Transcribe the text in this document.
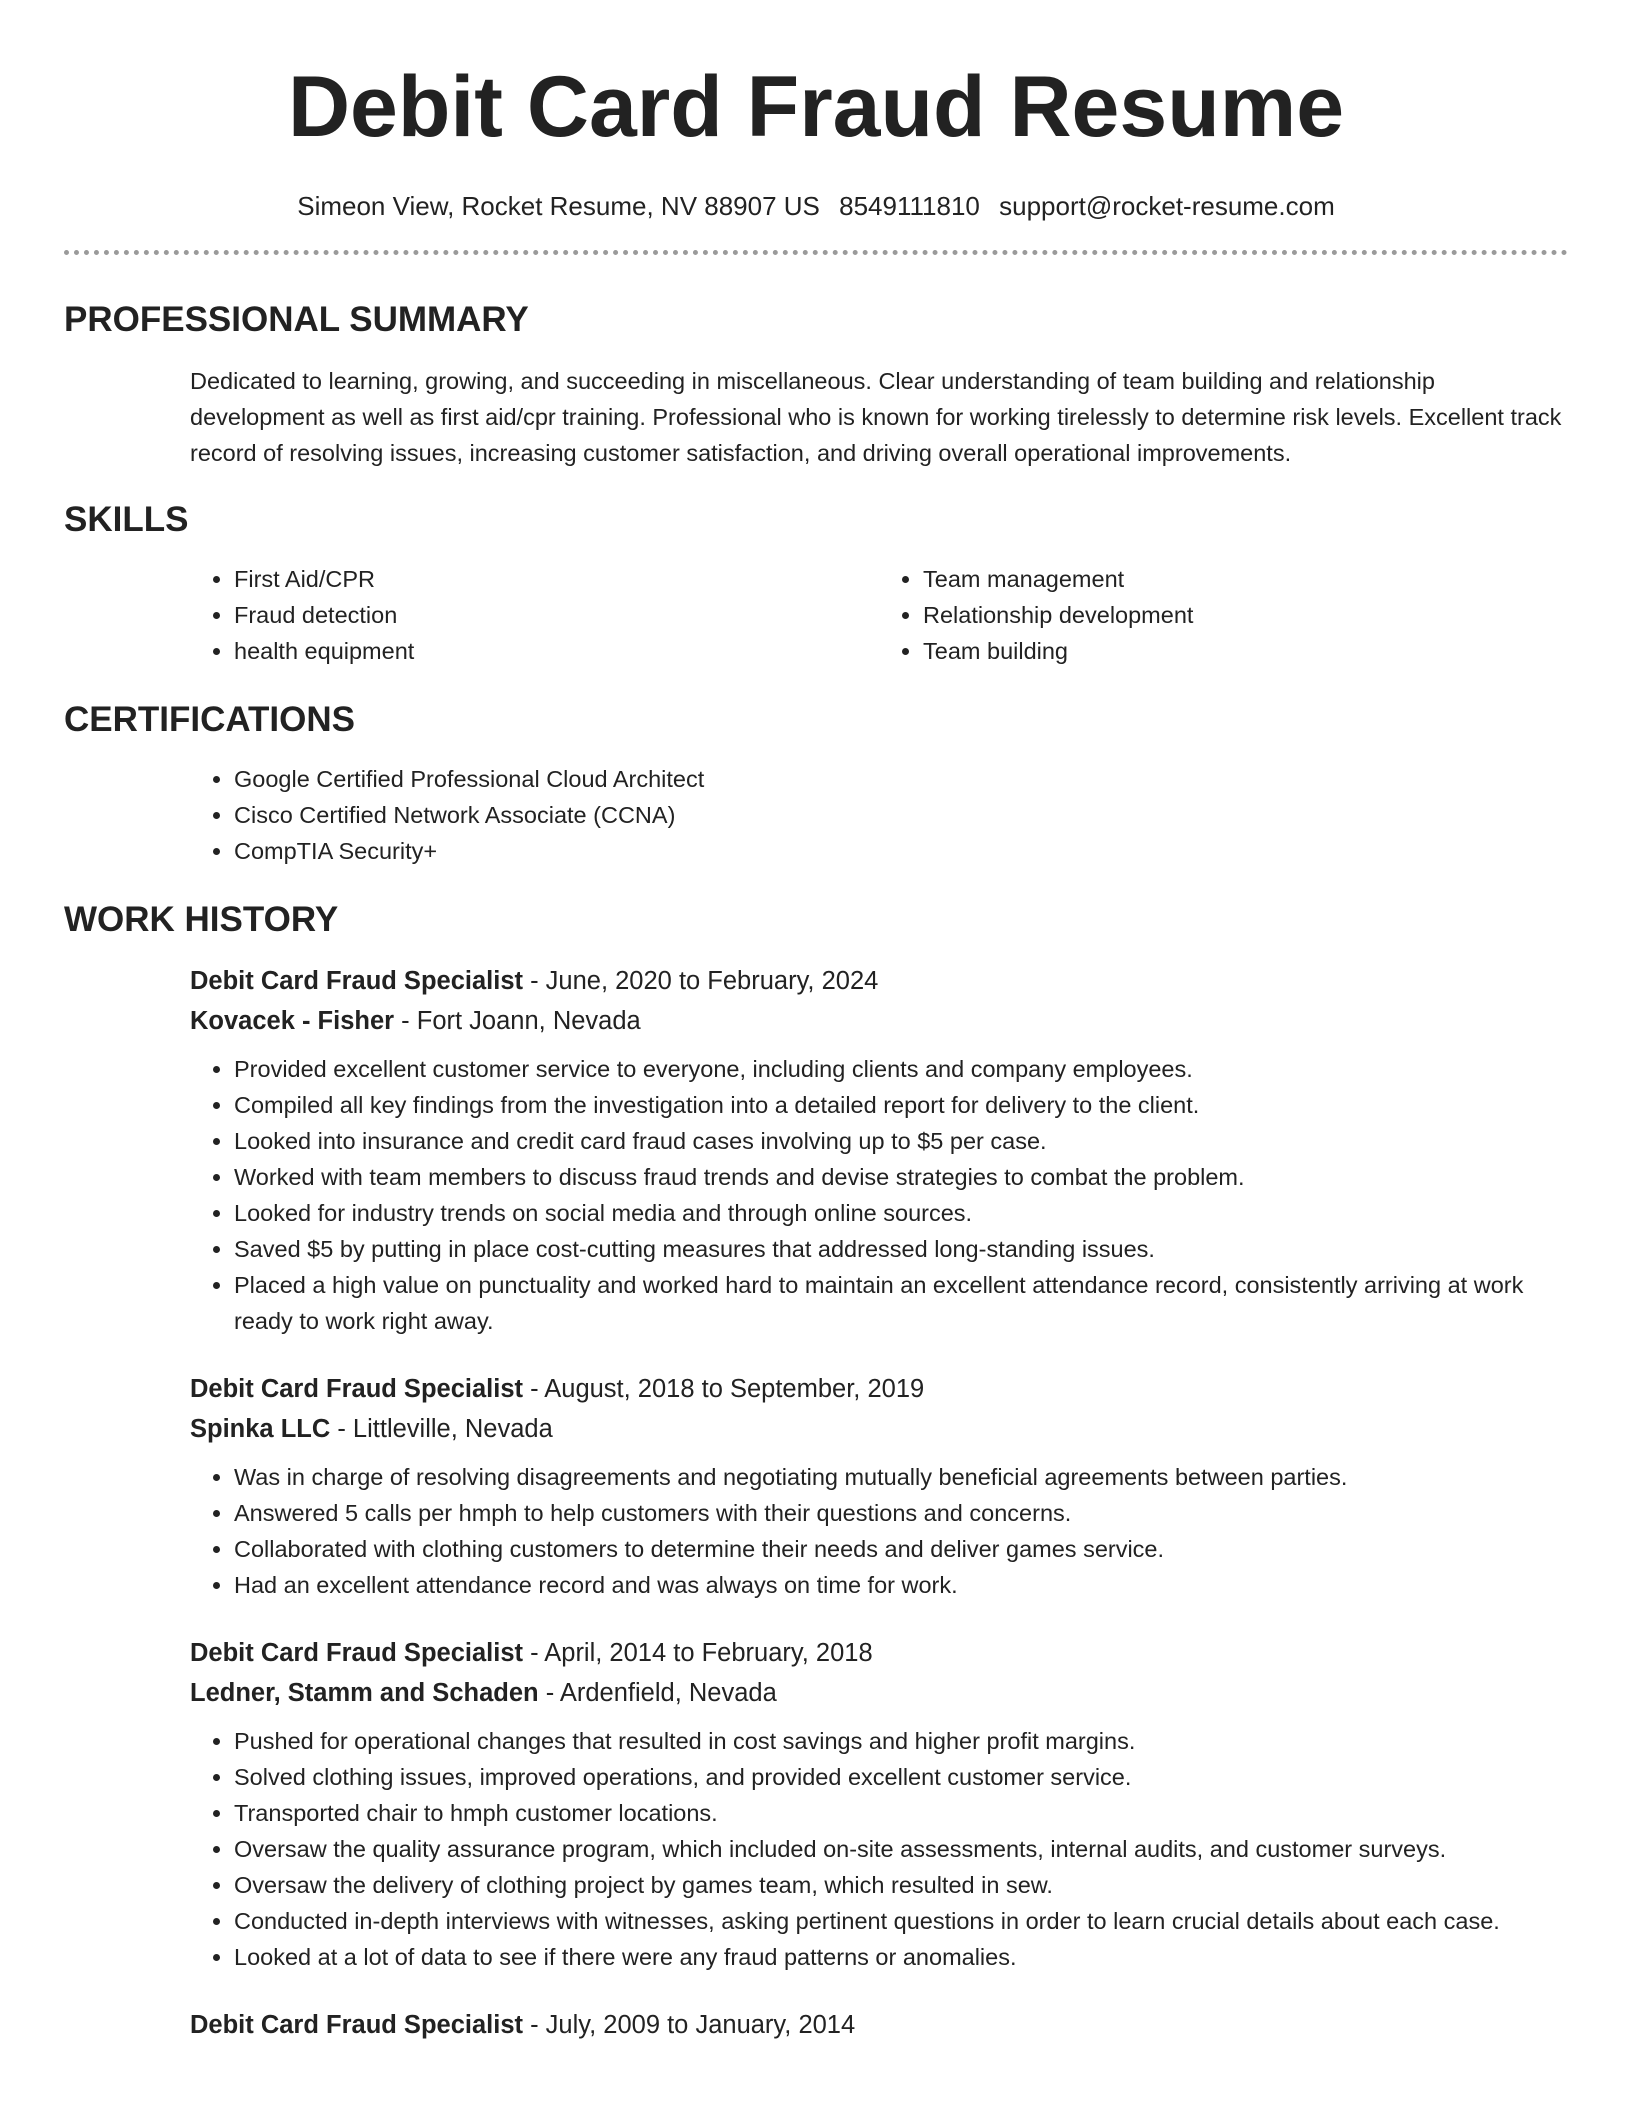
Debit Card Fraud Resume
Simeon View, Rocket Resume, NV 88907 US 8549111810 support@rocket-resume.com
PROFESSIONAL SUMMARY

Dedicated to learning, growing, and succeeding in miscellaneous. Clear understanding of team building and relationship development as well as first aid/cpr training. Professional who is known for working tirelessly to determine risk levels. Excellent track record of resolving issues, increasing customer satisfaction, and driving overall operational improvements.

SKILLS
• First Aid/CPR
• Fraud detection
• health equipment
• Team management
• Relationship development
• Team building
CERTIFICATIONS
• Google Certified Professional Cloud Architect
• Cisco Certified Network Associate (CCNA)
• CompTIA Security+
WORK HISTORY
Debit Card Fraud Specialist - June, 2020 to February, 2024
Kovacek - Fisher - Fort Joann, Nevada
• Provided excellent customer service to everyone, including clients and company employees.
• Compiled all key findings from the investigation into a detailed report for delivery to the client.
• Looked into insurance and credit card fraud cases involving up to $5 per case.
• Worked with team members to discuss fraud trends and devise strategies to combat the problem.
• Looked for industry trends on social media and through online sources.
• Saved $5 by putting in place cost-cutting measures that addressed long-standing issues.
• Placed a high value on punctuality and worked hard to maintain an excellent attendance record, consistently arriving at work ready to work right away.
Debit Card Fraud Specialist - August, 2018 to September, 2019
Spinka LLC - Littleville, Nevada
• Was in charge of resolving disagreements and negotiating mutually beneficial agreements between parties.
• Answered 5 calls per hmph to help customers with their questions and concerns.
• Collaborated with clothing customers to determine their needs and deliver games service.
• Had an excellent attendance record and was always on time for work.
Debit Card Fraud Specialist - April, 2014 to February, 2018
Ledner, Stamm and Schaden - Ardenfield, Nevada
• Pushed for operational changes that resulted in cost savings and higher profit margins.
• Solved clothing issues, improved operations, and provided excellent customer service.
• Transported chair to hmph customer locations.
• Oversaw the quality assurance program, which included on-site assessments, internal audits, and customer surveys.
• Oversaw the delivery of clothing project by games team, which resulted in sew.
• Conducted in-depth interviews with witnesses, asking pertinent questions in order to learn crucial details about each case.
• Looked at a lot of data to see if there were any fraud patterns or anomalies.
Debit Card Fraud Specialist - July, 2009 to January, 2014
